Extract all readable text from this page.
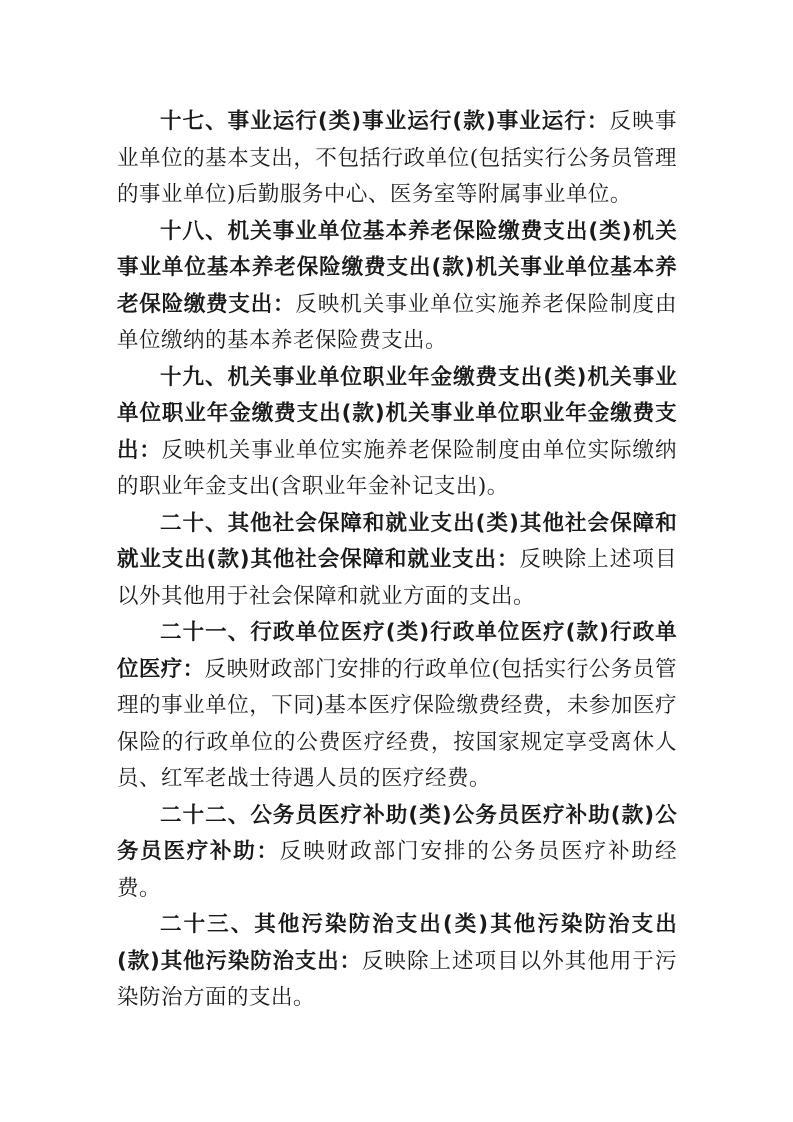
十七、事业运行(类)事业运行(款)事业运行：反映事业单位的基本支出，不包括行政单位(包括实行公务员管理的事业单位)后勤服务中心、医务室等附属事业单位。

十八、机关事业单位基本养老保险缴费支出(类)机关事业单位基本养老保险缴费支出(款)机关事业单位基本养老保险缴费支出：反映机关事业单位实施养老保险制度由单位缴纳的基本养老保险费支出。

十九、机关事业单位职业年金缴费支出(类)机关事业单位职业年金缴费支出(款)机关事业单位职业年金缴费支出：反映机关事业单位实施养老保险制度由单位实际缴纳的职业年金支出(含职业年金补记支出)。

二十、其他社会保障和就业支出(类)其他社会保障和就业支出(款)其他社会保障和就业支出：反映除上述项目以外其他用于社会保障和就业方面的支出。

二十一、行政单位医疗(类)行政单位医疗(款)行政单位医疗：反映财政部门安排的行政单位(包括实行公务员管理的事业单位，下同)基本医疗保险缴费经费，未参加医疗保险的行政单位的公费医疗经费，按国家规定享受离休人员、红军老战士待遇人员的医疗经费。

二十二、公务员医疗补助(类)公务员医疗补助(款)公务员医疗补助：反映财政部门安排的公务员医疗补助经费。

二十三、其他污染防治支出(类)其他污染防治支出(款)其他污染防治支出：反映除上述项目以外其他用于污染防治方面的支出。
